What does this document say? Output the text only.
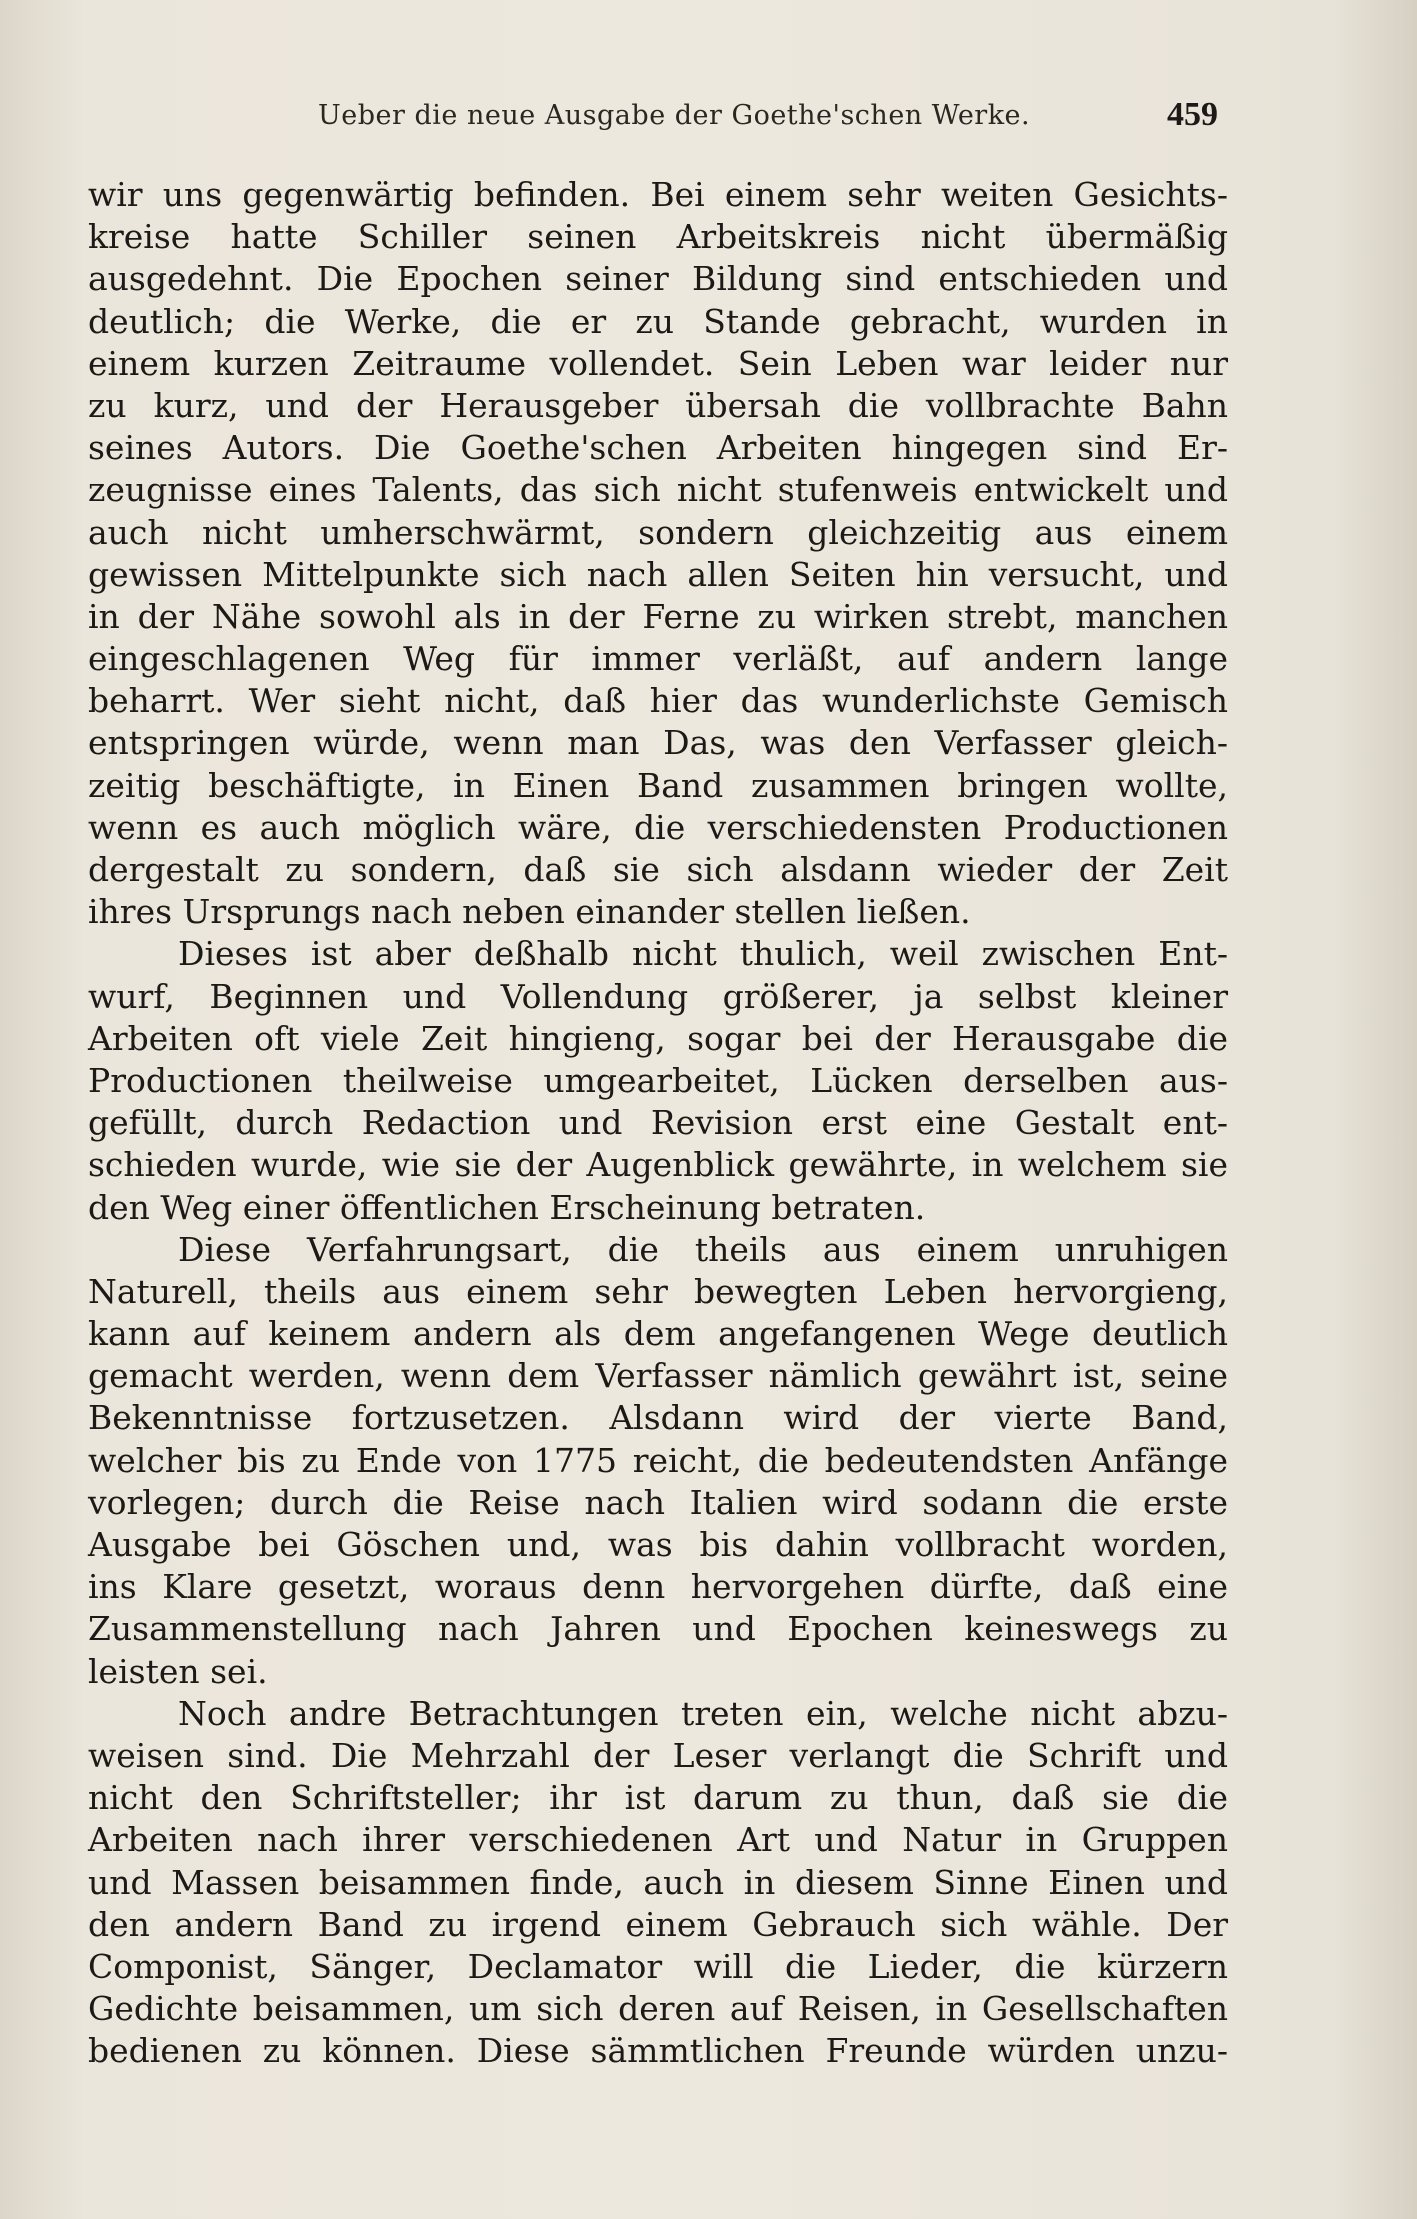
Ueber die neue Ausgabe der Goethe'schen Werke.	459
wir uns gegenwärtig befinden. Bei einem sehr weiten Gesichts-
kreise hatte Schiller seinen Arbeitskreis nicht übermäßig
ausgedehnt. Die Epochen seiner Bildung sind entschieden und
deutlich; die Werke, die er zu Stande gebracht, wurden in
einem kurzen Zeitraume vollendet. Sein Leben war leider nur
zu kurz, und der Herausgeber übersah die vollbrachte Bahn
seines Autors. Die Goethe'schen Arbeiten hingegen sind Er-
zeugnisse eines Talents, das sich nicht stufenweis entwickelt und
auch nicht umherschwärmt, sondern gleichzeitig aus einem
gewissen Mittelpunkte sich nach allen Seiten hin versucht, und
in der Nähe sowohl als in der Ferne zu wirken strebt, manchen
eingeschlagenen Weg für immer verläßt, auf andern lange
beharrt. Wer sieht nicht, daß hier das wunderlichste Gemisch
entspringen würde, wenn man Das, was den Verfasser gleich-
zeitig beschäftigte, in Einen Band zusammen bringen wollte,
wenn es auch möglich wäre, die verschiedensten Productionen
dergestalt zu sondern, daß sie sich alsdann wieder der Zeit
ihres Ursprungs nach neben einander stellen ließen.
Dieses ist aber deßhalb nicht thulich, weil zwischen Ent-
wurf, Beginnen und Vollendung größerer, ja selbst kleiner
Arbeiten oft viele Zeit hingieng, sogar bei der Herausgabe die
Productionen theilweise umgearbeitet, Lücken derselben aus-
gefüllt, durch Redaction und Revision erst eine Gestalt ent-
schieden wurde, wie sie der Augenblick gewährte, in welchem sie
den Weg einer öffentlichen Erscheinung betraten.
Diese Verfahrungsart, die theils aus einem unruhigen
Naturell, theils aus einem sehr bewegten Leben hervorgieng,
kann auf keinem andern als dem angefangenen Wege deutlich
gemacht werden, wenn dem Verfasser nämlich gewährt ist, seine
Bekenntnisse fortzusetzen. Alsdann wird der vierte Band,
welcher bis zu Ende von 1775 reicht, die bedeutendsten Anfänge
vorlegen; durch die Reise nach Italien wird sodann die erste
Ausgabe bei Göschen und, was bis dahin vollbracht worden,
ins Klare gesetzt, woraus denn hervorgehen dürfte, daß eine
Zusammenstellung nach Jahren und Epochen keineswegs zu
leisten sei.
Noch andre Betrachtungen treten ein, welche nicht abzu-
weisen sind. Die Mehrzahl der Leser verlangt die Schrift und
nicht den Schriftsteller; ihr ist darum zu thun, daß sie die
Arbeiten nach ihrer verschiedenen Art und Natur in Gruppen
und Massen beisammen finde, auch in diesem Sinne Einen und
den andern Band zu irgend einem Gebrauch sich wähle. Der
Componist, Sänger, Declamator will die Lieder, die kürzern
Gedichte beisammen, um sich deren auf Reisen, in Gesellschaften
bedienen zu können. Diese sämmtlichen Freunde würden unzu-
